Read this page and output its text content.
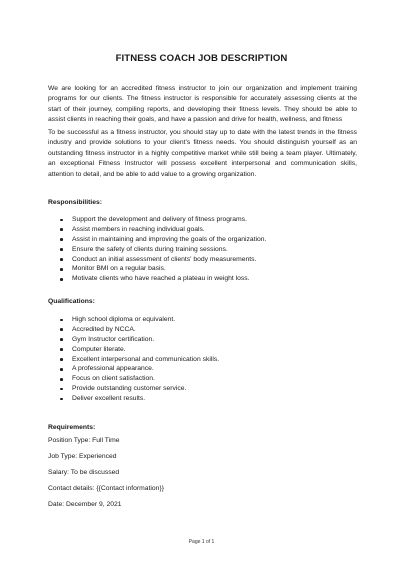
FITNESS COACH JOB DESCRIPTION
We are looking for an accredited fitness instructor to join our organization and implement training programs for our clients. The fitness instructor is responsible for accurately assessing clients at the start of their journey, compiling reports, and developing their fitness levels. They should be able to assist clients in reaching their goals, and have a passion and drive for health, wellness, and fitness
To be successful as a fitness instructor, you should stay up to date with the latest trends in the fitness industry and provide solutions to your client’s fitness needs. You should distinguish yourself as an outstanding fitness instructor in a highly competitive market while still being a team player. Ultimately, an exceptional Fitness Instructor will possess excellent interpersonal and communication skills, attention to detail, and be able to add value to a growing organization.
Responsibilities:
Support the development and delivery of fitness programs.
Assist members in reaching individual goals.
Assist in maintaining and improving the goals of the organization.
Ensure the safety of clients during training sessions.
Conduct an initial assessment of clients' body measurements.
Monitor BMI on a regular basis.
Motivate clients who have reached a plateau in weight loss.
Qualifications:
High school diploma or equivalent.
Accredited by NCCA.
Gym Instructor certification.
Computer literate.
Excellent interpersonal and communication skills.
A professional appearance.
Focus on client satisfaction.
Provide outstanding customer service.
Deliver excellent results.
Requirements:
Position Type: Full Time
Job Type: Experienced
Salary: To be discussed
Contact details: {{Contact information}}
Date: December 9, 2021
Page 1 of 1
